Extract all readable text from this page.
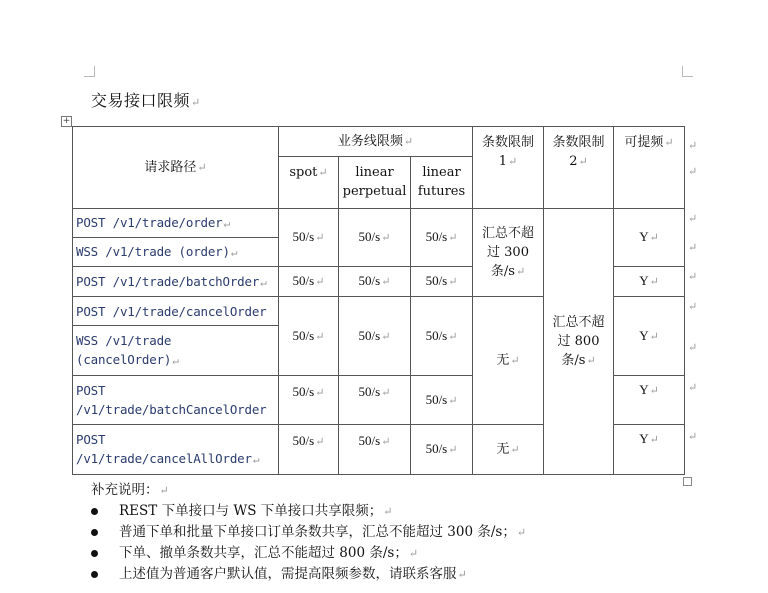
交易接口限频↵
+
请求路径↵	业务线限频↵			条数限制 1↵	条数限制 2↵	可提频↵
	spot↵	linear perpetual	linear futures			
POST /v1/trade/order↵	50/s↵	50/s↵	50/s↵	汇总不超过 300 条/s↵	汇总不超过 800 条/s↵	Y↵
WSS /v1/trade (order)↵						
POST /v1/trade/batchOrder↵	50/s↵	50/s↵	50/s↵			Y↵
POST /v1/trade/cancelOrder	50/s↵	50/s↵	50/s↵	无↵		Y↵
WSS /v1/trade (cancelOrder)↵						
POST /v1/trade/batchCancelOrder	50/s↵	50/s↵	50/s↵			Y↵
POST /v1/trade/cancelAllOrder↵	50/s↵	50/s↵	50/s↵	无↵		Y↵
↵
↵
↵
↵
↵
↵
↵
↵
↵
补充说明：↵
REST 下单接口与 WS 下单接口共享限频；↵
普通下单和批量下单接口订单条数共享，汇总不能超过 300 条/s；↵
下单、撤单条数共享，汇总不能超过 800 条/s；↵
上述值为普通客户默认值，需提高限频参数，请联系客服↵
